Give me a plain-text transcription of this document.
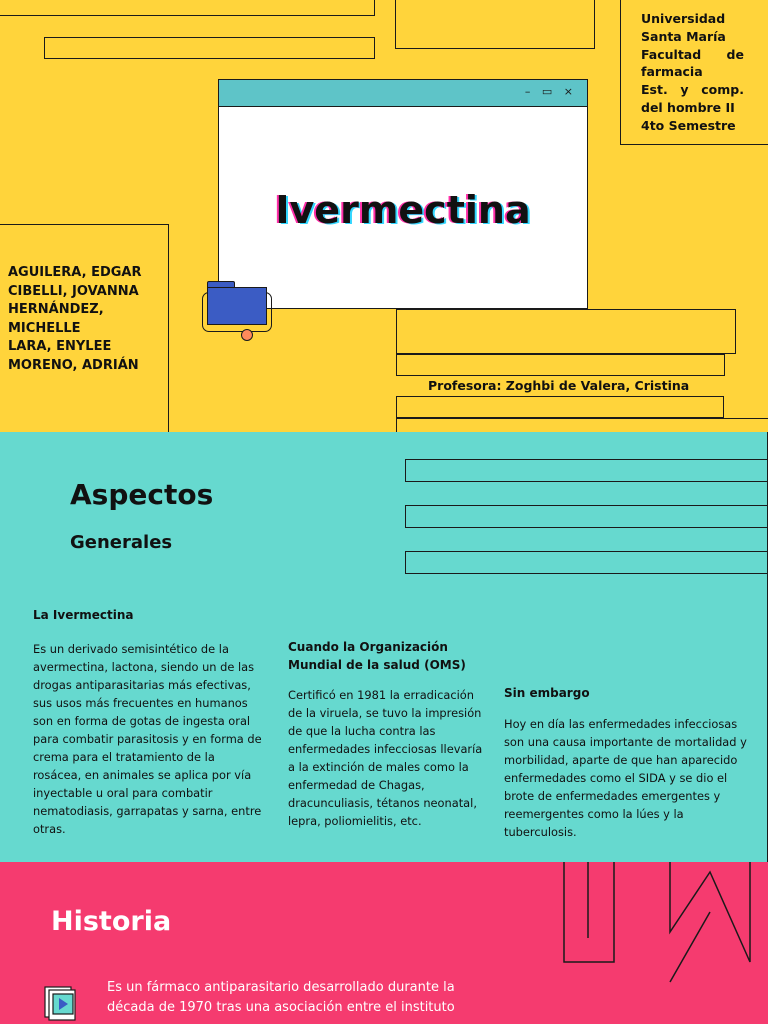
– ▭ ×
Ivermectina
Universidad
Santa María
Facultad de
farmacia
Est. y comp.
del hombre II
4to Semestre
AGUILERA, EDGAR
CIBELLI, JOVANNA
HERNÁNDEZ,
MICHELLE
LARA, ENYLEE
MORENO, ADRIÁN
Profesora: Zoghbi de Valera, Cristina
Aspectos
Generales
La Ivermectina
Es un derivado semisintético de la avermectina, lactona, siendo un de las drogas antiparasitarias más efectivas, sus usos más frecuentes en humanos son en forma de gotas de ingesta oral para combatir parasitosis y en forma de crema para el tratamiento de la rosácea, en animales se aplica por vía inyectable u oral para combatir nematodiasis, garrapatas y sarna, entre otras.
Cuando la Organización Mundial de la salud (OMS)
Certificó en 1981 la erradicación de la viruela, se tuvo la impresión de que la lucha contra las enfermedades infecciosas llevaría a la extinción de males como la enfermedad de Chagas, dracunculiasis, tétanos neonatal, lepra, poliomielitis, etc.
Sin embargo
Hoy en día las enfermedades infecciosas son una causa importante de mortalidad y morbilidad, aparte de que han aparecido enfermedades como el SIDA y se dio el brote de enfermedades emergentes y reemergentes como la lúes y la tuberculosis.
Historia
Es un fármaco antiparasitario desarrollado durante la década de 1970 tras una asociación entre el instituto
